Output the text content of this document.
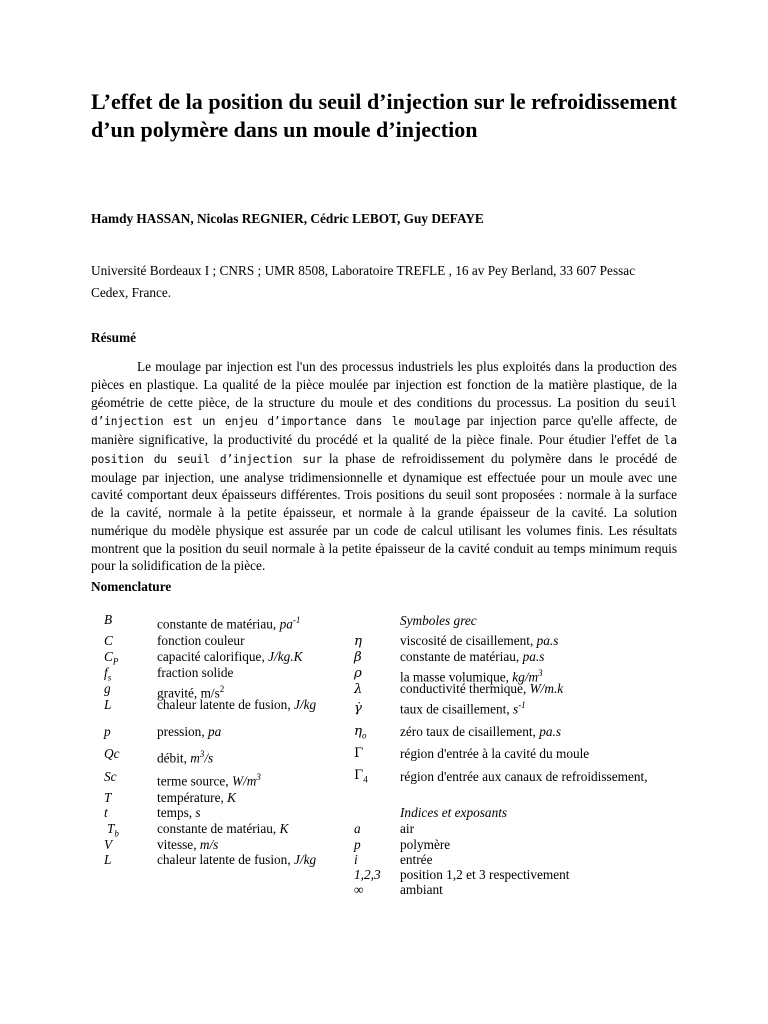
L’effet de la position du seuil d’injection sur le refroidissement d’un polymère dans un moule d’injection

Hamdy HASSAN, Nicolas REGNIER, Cédric LEBOT, Guy DEFAYE

Université Bordeaux I ; CNRS ; UMR 8508, Laboratoire TREFLE , 16 av Pey Berland, 33 607 Pessac
Cedex, France.

Résumé

Le moulage par injection est l'un des processus industriels les plus exploités dans la production des pièces en plastique. La qualité de la pièce moulée par injection est fonction de la matière plastique, de la géométrie de cette pièce, de la structure du moule et des conditions du processus. La position du seuil d’injection est un enjeu d’importance dans le moulage par injection parce qu'elle affecte, de manière significative, la productivité du procédé et la qualité de la pièce finale. Pour étudier l'effet de la position du seuil d’injection sur la phase de refroidissement du polymère dans le procédé de moulage par injection, une analyse tridimensionnelle et dynamique est effectuée pour un moule avec une cavité comportant deux épaisseurs différentes. Trois positions du seuil sont proposées : normale à la surface de la cavité, normale à la petite épaisseur, et normale à la grande épaisseur de la cavité. La solution numérique du modèle physique est assurée par un code de calcul utilisant les volumes finis. Les résultats montrent que la position du seuil normale à la petite épaisseur de la cavité conduit au temps minimum requis pour la solidification de la pièce.

Nomenclature

B	constante de matériau, $pa^{-1}$
C	fonction couleur
$C_P$	capacité calorifique, J/kg.K
$f_s$	fraction solide
g	gravité, $m/s^2$
L	chaleur latente de fusion, J/kg
p	pression, pa
Qc	débit, $m^3/s$
Sc	terme source, $W/m^3$
T	température, K
t	temps, s
$T_b$	constante de matériau, K
V	vitesse, m/s
L	chaleur latente de fusion, J/kg
Symboles grec
η	viscosité de cisaillement, pa.s
β	constante de matériau, pa.s
ρ	la masse volumique, $kg/m^3$
λ	conductivité thermique, W/m.k
γ̇	taux de cisaillement, $s^{-1}$
$\eta_o$	zéro taux de cisaillement, pa.s
Γ	région d'entrée à la cavité du moule
$\Gamma_4$ région d'entrée aux canaux de refroidissement,
Indices et exposants
a	air
p	polymère
i	entrée
1,2,3 position 1,2 et 3 respectivement
∞	ambiant
